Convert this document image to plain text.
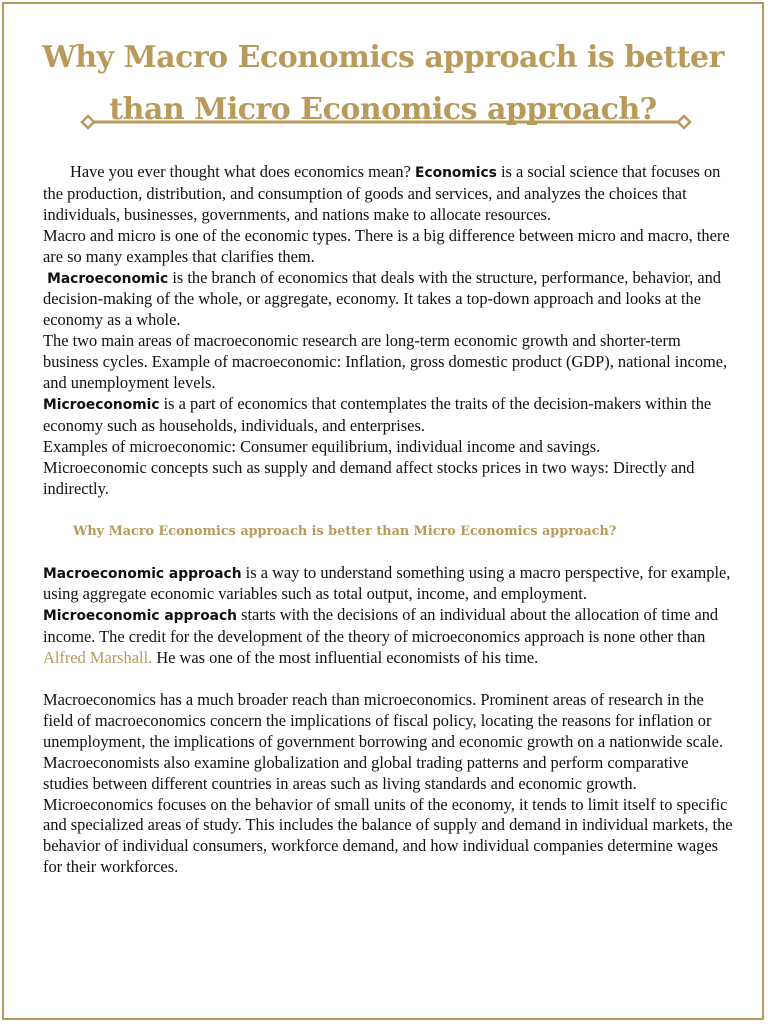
Why Macro Economics approach is better than Micro Economics approach?

Have you ever thought what does economics mean? Economics is a social science that focuses on the production, distribution, and consumption of goods and services, and analyzes the choices that individuals, businesses, governments, and nations make to allocate resources.

Macro and micro is one of the economic types. There is a big difference between micro and macro, there are so many examples that clarifies them.

Macroeconomic is the branch of economics that deals with the structure, performance, behavior, and decision-making of the whole, or aggregate, economy. It takes a top-down approach and looks at the economy as a whole.

The two main areas of macroeconomic research are long-term economic growth and shorter-term business cycles. Example of macroeconomic: Inflation, gross domestic product (GDP), national income, and unemployment levels.

Microeconomic is a part of economics that contemplates the traits of the decision-makers within the economy such as households, individuals, and enterprises.

Examples of microeconomic: Consumer equilibrium, individual income and savings.

Microeconomic concepts such as supply and demand affect stocks prices in two ways: Directly and indirectly.

Why Macro Economics approach is better than Micro Economics approach?

Macroeconomic approach is a way to understand something using a macro perspective, for example, using aggregate economic variables such as total output, income, and employment.

Microeconomic approach starts with the decisions of an individual about the allocation of time and income. The credit for the development of the theory of microeconomics approach is none other than Alfred Marshall. He was one of the most influential economists of his time.

Macroeconomics has a much broader reach than microeconomics. Prominent areas of research in the field of macroeconomics concern the implications of fiscal policy, locating the reasons for inflation or unemployment, the implications of government borrowing and economic growth on a nationwide scale. Macroeconomists also examine globalization and global trading patterns and perform comparative studies between different countries in areas such as living standards and economic growth.

Microeconomics focuses on the behavior of small units of the economy, it tends to limit itself to specific and specialized areas of study. This includes the balance of supply and demand in individual markets, the behavior of individual consumers, workforce demand, and how individual companies determine wages for their workforces.
